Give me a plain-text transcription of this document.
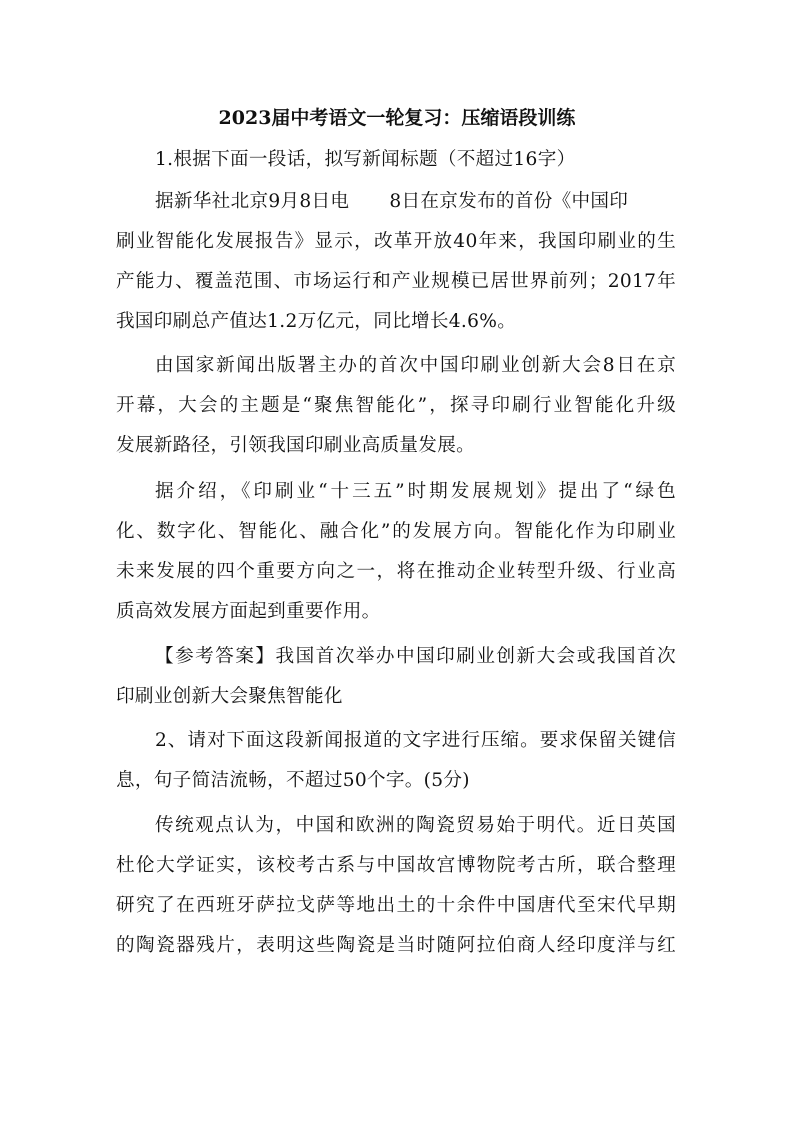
2023届中考语文一轮复习：压缩语段训练
1.根据下面一段话，拟写新闻标题（不超过16字）
据新华社北京9月8日电 8日在京发布的首份《中国印
刷业智能化发展报告》显示，改革开放40年来，我国印刷业的生
产能力、覆盖范围、市场运行和产业规模已居世界前列；2017年
我国印刷总产值达1.2万亿元，同比增长4.6%。
由国家新闻出版署主办的首次中国印刷业创新大会8日在京
开幕，大会的主题是“聚焦智能化”，探寻印刷行业智能化升级
发展新路径，引领我国印刷业高质量发展。
据介绍，《印刷业“十三五”时期发展规划》提出了“绿色
化、数字化、智能化、融合化”的发展方向。智能化作为印刷业
未来发展的四个重要方向之一，将在推动企业转型升级、行业高
质高效发展方面起到重要作用。
【参考答案】我国首次举办中国印刷业创新大会或我国首次
印刷业创新大会聚焦智能化
2、请对下面这段新闻报道的文字进行压缩。要求保留关键信
息，句子简洁流畅，不超过50个字。(5分)
传统观点认为，中国和欧洲的陶瓷贸易始于明代。近日英国
杜伦大学证实，该校考古系与中国故宫博物院考古所，联合整理
研究了在西班牙萨拉戈萨等地出土的十余件中国唐代至宋代早期
的陶瓷器残片，表明这些陶瓷是当时随阿拉伯商人经印度洋与红
